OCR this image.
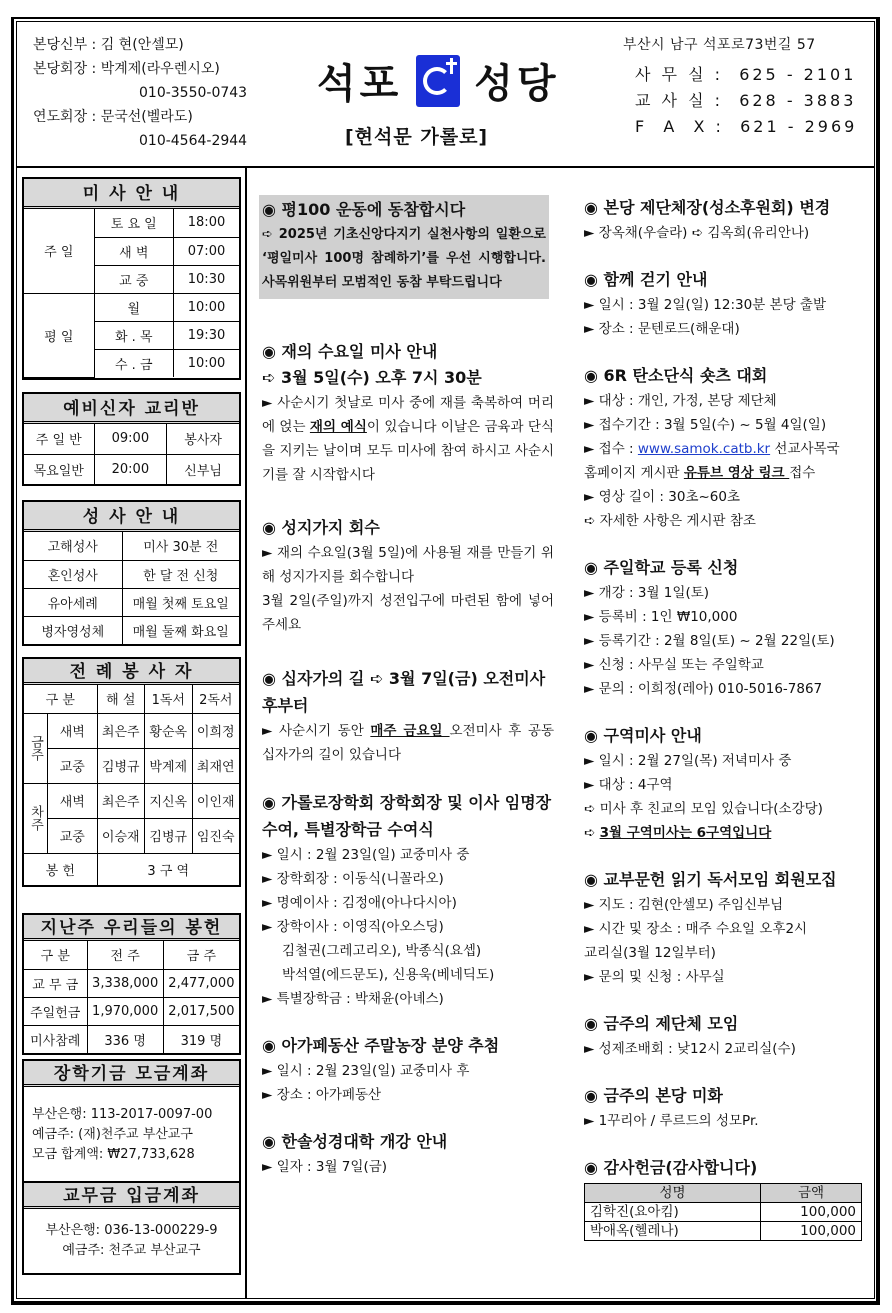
본당신부 : 김 현(안셀모)
본당회장 : 박계제(라우렌시오)
010-3550-0743
연도회장 : 문국선(벨라도)
010-4564-2944
석포 성당
[현석문 가롤로]
부산시 남구 석포로73번길 57
사 무 실 :  625 - 2101
교 사 실 :  628 - 3883
F  A  X :  621 - 2969
미 사 안 내
주 일	토 요 일	18:00
	새 벽	07:00
	교 중	10:30
평 일	월	10:00
	화 . 목	19:30
	수 . 금	10:00
예비신자 교리반
주 일 반	09:00	봉사자
목요일반	20:00	신부님
성 사 안 내
고해성사	미사 30분 전
혼인성사	한 달 전 신청
유아세례	매월 첫째 토요일
병자영성체	매월 둘째 화요일
전 례 봉 사 자
구 분		해 설	1독서	2독서
금주	새벽	최은주	황순옥	이희정
	교중	김병규	박계제	최재연
차주	새벽	최은주	지신옥	이인재
	교중	이승재	김병규	임진숙
봉 헌		3 구 역		
지난주 우리들의 봉헌
구 분	전 주	금 주
교 무 금	3,338,000	2,477,000
주일헌금	1,970,000	2,017,500
미사참례	336 명	319 명
장학기금 모금계좌
부산은행: 113-2017-0097-00
예금주: (재)천주교 부산교구
모금 합계액: ₩27,733,628
교무금 입금계좌
부산은행: 036-13-000229-9
예금주: 천주교 부산교구
◉ 평100 운동에 동참합시다
➪ 2025년 기초신앙다지기 실천사항의 일환으로 ‘평일미사 100명 참례하기’를 우선 시행합니다. 사목위원부터 모범적인 동참 부탁드립니다
◉ 재의 수요일 미사 안내
➪ 3월 5일(수) 오후 7시 30분
► 사순시기 첫날로 미사 중에 재를 축복하여 머리에 얹는 재의 예식이 있습니다 이날은 금육과 단식을 지키는 날이며 모두 미사에 참여 하시고 사순시기를 잘 시작합시다
◉ 성지가지 회수
► 재의 수요일(3월 5일)에 사용될 재를 만들기 위해 성지가지를 회수합니다
3월 2일(주일)까지 성전입구에 마련된 함에 넣어주세요
◉ 십자가의 길 ➪ 3월 7일(금) 오전미사 후부터
► 사순시기 동안 매주 금요일 오전미사 후 공동 십자가의 길이 있습니다
◉ 가롤로장학회 장학회장 및 이사 임명장 수여, 특별장학금 수여식
► 일시 : 2월 23일(일) 교중미사 중
► 장학회장 : 이동식(니꼴라오)
► 명예이사 : 김정애(아나다시아)
► 장학이사 : 이영직(아오스딩)
김철권(그레고리오), 박종식(요셉)
박석열(에드문도), 신용욱(베네딕도)
► 특별장학금 : 박채윤(아녜스)
◉ 아가페동산 주말농장 분양 추첨
► 일시 : 2월 23일(일) 교중미사 후
► 장소 : 아가페동산
◉ 한솔성경대학 개강 안내
► 일자 : 3월 7일(금)
◉ 본당 제단체장(성소후원회) 변경
► 장옥채(우슬라) ➪ 김옥희(유리안나)
◉ 함께 걷기 안내
► 일시 : 3월 2일(일) 12:30분 본당 출발
► 장소 : 문텐로드(해운대)
◉ 6R 탄소단식 숏츠 대회
► 대상 : 개인, 가정, 본당 제단체
► 접수기간 : 3월 5일(수) ~ 5월 4일(일)
► 접수 : www.samok.catb.kr 선교사목국
홈페이지 게시판 유튜브 영상 링크 접수
► 영상 길이 : 30초~60초
➪ 자세한 사항은 게시판 참조
◉ 주일학교 등록 신청
► 개강 : 3월 1일(토)
► 등록비 : 1인 ₩10,000
► 등록기간 : 2월 8일(토) ~ 2월 22일(토)
► 신청 : 사무실 또는 주일학교
► 문의 : 이희정(레아) 010-5016-7867
◉ 구역미사 안내
► 일시 : 2월 27일(목) 저녁미사 중
► 대상 : 4구역
➪ 미사 후 친교의 모임 있습니다(소강당)
➪ 3월 구역미사는 6구역입니다
◉ 교부문헌 읽기 독서모임 회원모집
► 지도 : 김현(안셀모) 주임신부님
► 시간 및 장소 : 매주 수요일 오후2시
교리실(3월 12일부터)
► 문의 및 신청 : 사무실
◉ 금주의 제단체 모임
► 성제조배회 : 낮12시 2교리실(수)
◉ 금주의 본당 미화
► 1꾸리아 / 루르드의 성모Pr.
◉ 감사헌금(감사합니다)
성명	금액
김학진(요아킴)	100,000
박애옥(헬레나)	100,000
